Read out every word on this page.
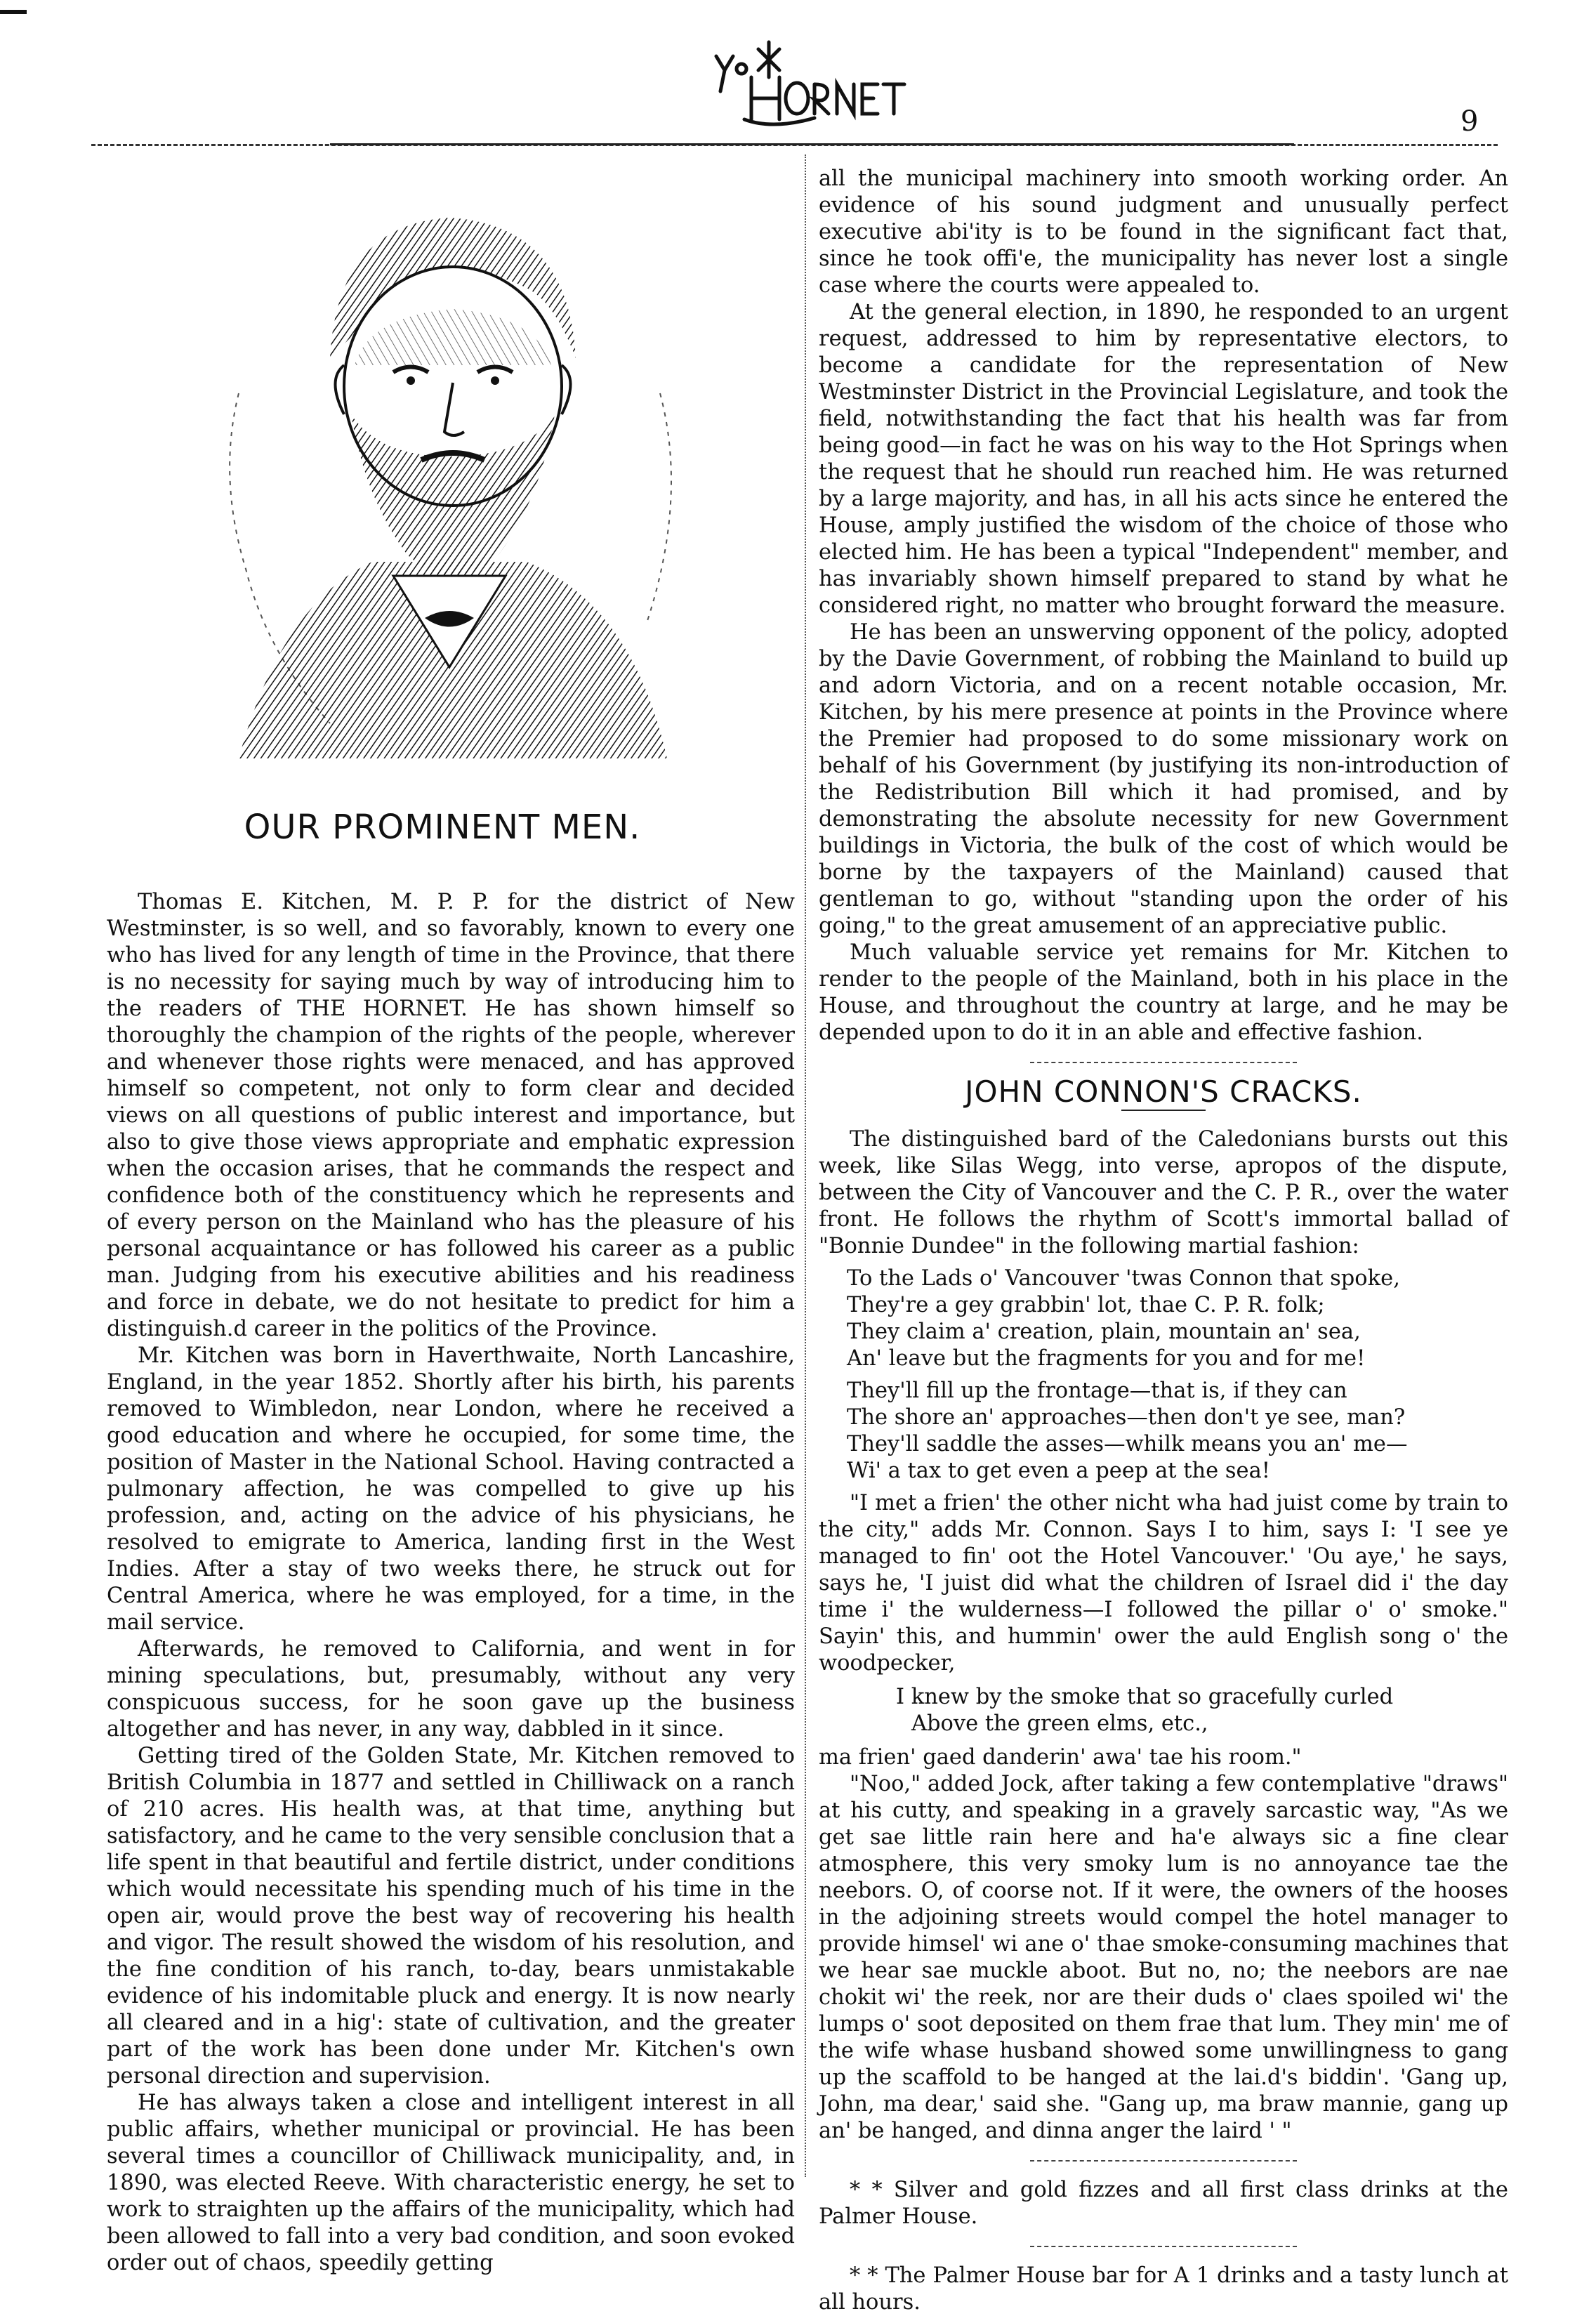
9
OUR PROMINENT MEN.

Thomas E. Kitchen, M. P. P. for the district of New Westminster, is so well, and so favorably, known to every one who has lived for any length of time in the Province, that there is no necessity for saying much by way of introducing him to the readers of THE HORNET. He has shown himself so thoroughly the champion of the rights of the people, wherever and whenever those rights were menaced, and has approved himself so competent, not only to form clear and decided views on all questions of public interest and importance, but also to give those views appropriate and emphatic expression when the occasion arises, that he commands the respect and confidence both of the constituency which he represents and of every person on the Mainland who has the pleasure of his personal acquaintance or has followed his career as a public man. Judging from his executive abilities and his readiness and force in debate, we do not hesitate to predict for him a distinguish.d career in the politics of the Province.

Mr. Kitchen was born in Haverthwaite, North Lancashire, England, in the year 1852. Shortly after his birth, his parents removed to Wimbledon, near London, where he received a good education and where he occupied, for some time, the position of Master in the National School. Having contracted a pulmonary affection, he was compelled to give up his profession, and, acting on the advice of his physicians, he resolved to emigrate to America, landing first in the West Indies. After a stay of two weeks there, he struck out for Central America, where he was employed, for a time, in the mail service.

Afterwards, he removed to California, and went in for mining speculations, but, presumably, without any very conspicuous success, for he soon gave up the business altogether and has never, in any way, dabbled in it since.

Getting tired of the Golden State, Mr. Kitchen removed to British Columbia in 1877 and settled in Chilliwack on a ranch of 210 acres. His health was, at that time, anything but satisfactory, and he came to the very sensible conclusion that a life spent in that beautiful and fertile district, under conditions which would necessitate his spending much of his time in the open air, would prove the best way of recovering his health and vigor. The result showed the wisdom of his resolution, and the fine condition of his ranch, to-day, bears unmistakable evidence of his indomitable pluck and energy. It is now nearly all cleared and in a hig': state of cultivation, and the greater part of the work has been done under Mr. Kitchen's own personal direction and supervision.

He has always taken a close and intelligent interest in all public affairs, whether municipal or provincial. He has been several times a councillor of Chilliwack municipality, and, in 1890, was elected Reeve. With characteristic energy, he set to work to straighten up the affairs of the municipality, which had been allowed to fall into a very bad condition, and soon evoked order out of chaos, speedily getting

all the municipal machinery into smooth working order. An evidence of his sound judgment and unusually perfect executive abi'ity is to be found in the significant fact that, since he took offi'e, the municipality has never lost a single case where the courts were appealed to.

At the general election, in 1890, he responded to an urgent request, addressed to him by representative electors, to become a candidate for the representation of New Westminster District in the Provincial Legislature, and took the field, notwithstanding the fact that his health was far from being good—in fact he was on his way to the Hot Springs when the request that he should run reached him. He was returned by a large majority, and has, in all his acts since he entered the House, amply justified the wisdom of the choice of those who elected him. He has been a typical "Independent" member, and has invariably shown himself prepared to stand by what he considered right, no matter who brought forward the measure.

He has been an unswerving opponent of the policy, adopted by the Davie Government, of robbing the Mainland to build up and adorn Victoria, and on a recent notable occasion, Mr. Kitchen, by his mere presence at points in the Province where the Premier had proposed to do some missionary work on behalf of his Government (by justifying its non-introduction of the Redistribution Bill which it had promised, and by demonstrating the absolute necessity for new Government buildings in Victoria, the bulk of the cost of which would be borne by the taxpayers of the Mainland) caused that gentleman to go, without "standing upon the order of his going," to the great amusement of an appreciative public.

Much valuable service yet remains for Mr. Kitchen to render to the people of the Mainland, both in his place in the House, and throughout the country at large, and he may be depended upon to do it in an able and effective fashion.

JOHN CONNON'S CRACKS.

The distinguished bard of the Caledonians bursts out this week, like Silas Wegg, into verse, apropos of the dispute, between the City of Vancouver and the C. P. R., over the water front. He follows the rhythm of Scott's immortal ballad of "Bonnie Dundee" in the following martial fashion:

To the Lads o' Vancouver 'twas Connon that spoke,
They're a gey grabbin' lot, thae C. P. R. folk;
They claim a' creation, plain, mountain an' sea,
An' leave but the fragments for you and for me!
They'll fill up the frontage—that is, if they can
The shore an' approaches—then don't ye see, man?
They'll saddle the asses—whilk means you an' me—
Wi' a tax to get even a peep at the sea!

"I met a frien' the other nicht wha had juist come by train to the city," adds Mr. Connon. Says I to him, says I: 'I see ye managed to fin' oot the Hotel Vancouver.' 'Ou aye,' he says, says he, 'I juist did what the children of Israel did i' the day time i' the wulderness—I followed the pillar o' o' smoke." Sayin' this, and hummin' ower the auld English song o' the woodpecker,

I knew by the smoke that so gracefully curled
Above the green elms, etc.,

ma frien' gaed danderin' awa' tae his room."

"Noo," added Jock, after taking a few contemplative "draws" at his cutty, and speaking in a gravely sarcastic way, "As we get sae little rain here and ha'e always sic a fine clear atmosphere, this very smoky lum is no annoyance tae the neebors. O, of coorse not. If it were, the owners of the hooses in the adjoining streets would compel the hotel manager to provide himsel' wi ane o' thae smoke-consuming machines that we hear sae muckle aboot. But no, no; the neebors are nae chokit wi' the reek, nor are their duds o' claes spoiled wi' the lumps o' soot deposited on them frae that lum. They min' me of the wife whase husband showed some unwillingness to gang up the scaffold to be hanged at the lai.d's biddin'. 'Gang up, John, ma dear,' said she. "Gang up, ma braw mannie, gang up an' be hanged, and dinna anger the laird ' "

* * Silver and gold fizzes and all first class drinks at the Palmer House.

* * The Palmer House bar for A 1 drinks and a tasty lunch at all hours.
